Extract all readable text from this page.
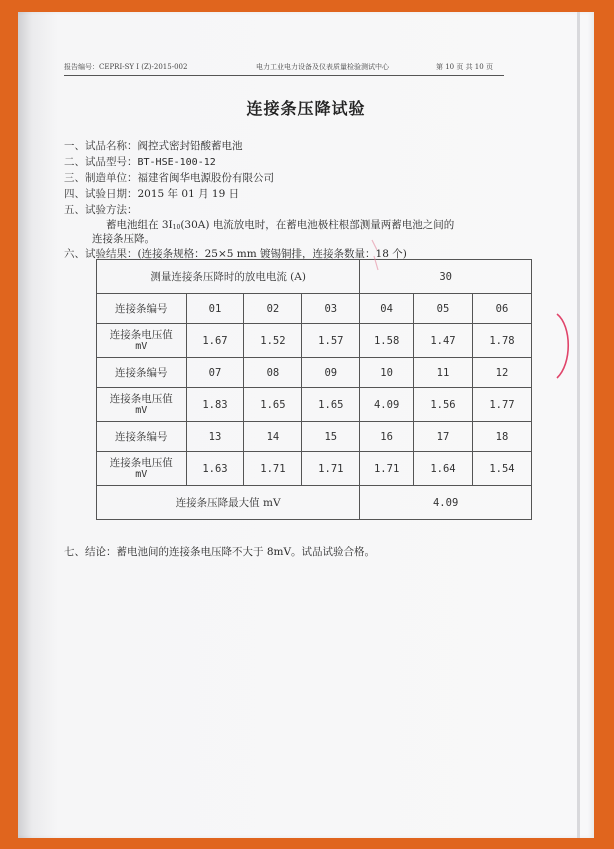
报告编号：CEPRI-SY I (Z)-2015-002	电力工业电力设备及仪表质量检验测试中心	第 10 页 共 10 页
连接条压降试验
一、试品名称：阀控式密封铅酸蓄电池
二、试品型号：BT-HSE-100-12
三、制造单位：福建省闽华电源股份有限公司
四、试验日期：2015 年 01 月 19 日
五、试验方法：
蓄电池组在 3I10(30A) 电流放电时，在蓄电池极柱根部测量两蓄电池之间的
连接条压降。
六、试验结果：(连接条规格：25×5 mm 镀锡铜排，连接条数量：18 个)
测量连接条压降时的放电电流 (A)				30		
连接条编号	01	02	03	04	05	06

连接条电压值
mV	1.67	1.52	1.57	1.58	1.47	1.78
连接条编号	07	08	09	10	11	12

连接条电压值
mV	1.83	1.65	1.65	4.09	1.56	1.77
连接条编号	13	14	15	16	17	18

连接条电压值
mV	1.63	1.71	1.71	1.71	1.64	1.54
连接条压降最大值 mV				4.09		
七、结论：蓄电池间的连接条电压降不大于 8mV。试品试验合格。
